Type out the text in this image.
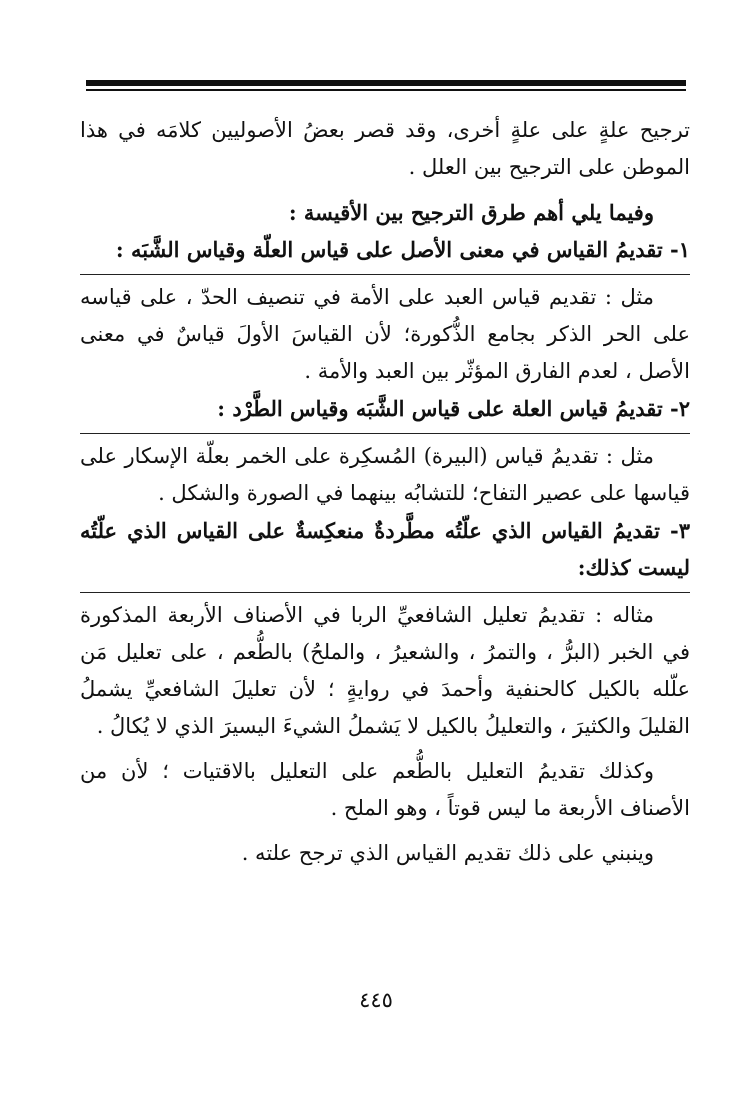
ترجيح علةٍ على علةٍ أخرى، وقد قصر بعضُ الأصوليين كلامَه في هذا الموطن على الترجيح بين العلل .

وفيما يلي أهم طرق الترجيح بين الأقيسة :

١- تقديمُ القياس في معنى الأصل على قياس العلّة وقياس الشَّبَه :

مثل : تقديم قياس العبد على الأمة في تنصيف الحدّ ، على قياسه على الحر الذكر بجامع الذُّكورة؛ لأن القياسَ الأولَ قياسٌ في معنى الأصل ، لعدم الفارق المؤثّر بين العبد والأمة .

٢- تقديمُ قياس العلة على قياس الشَّبَه وقياس الطَّرْد :

مثل : تقديمُ قياس (البيرة) المُسكِرة على الخمر بعلّة الإسكار على قياسها على عصير التفاح؛ للتشابُه بينهما في الصورة والشكل .

٣- تقديمُ القياس الذي علّتُه مطَّردةٌ منعكِسةٌ على القياس الذي علّتُه ليست كذلك:

مثاله : تقديمُ تعليل الشافعيِّ الربا في الأصناف الأربعة المذكورة في الخبر (البرُّ ، والتمرُ ، والشعيرُ ، والملحُ) بالطُّعم ، على تعليل مَن علّله بالكيل كالحنفية وأحمدَ في روايةٍ ؛ لأن تعليلَ الشافعيِّ يشملُ القليلَ والكثيرَ ، والتعليلُ بالكيل لا يَشملُ الشيءَ اليسيرَ الذي لا يُكالُ .

وكذلك تقديمُ التعليل بالطُّعم على التعليل بالاقتيات ؛ لأن من الأصناف الأربعة ما ليس قوتاً ، وهو الملح .

وينبني على ذلك تقديم القياس الذي ترجح علته .

٤٤٥
